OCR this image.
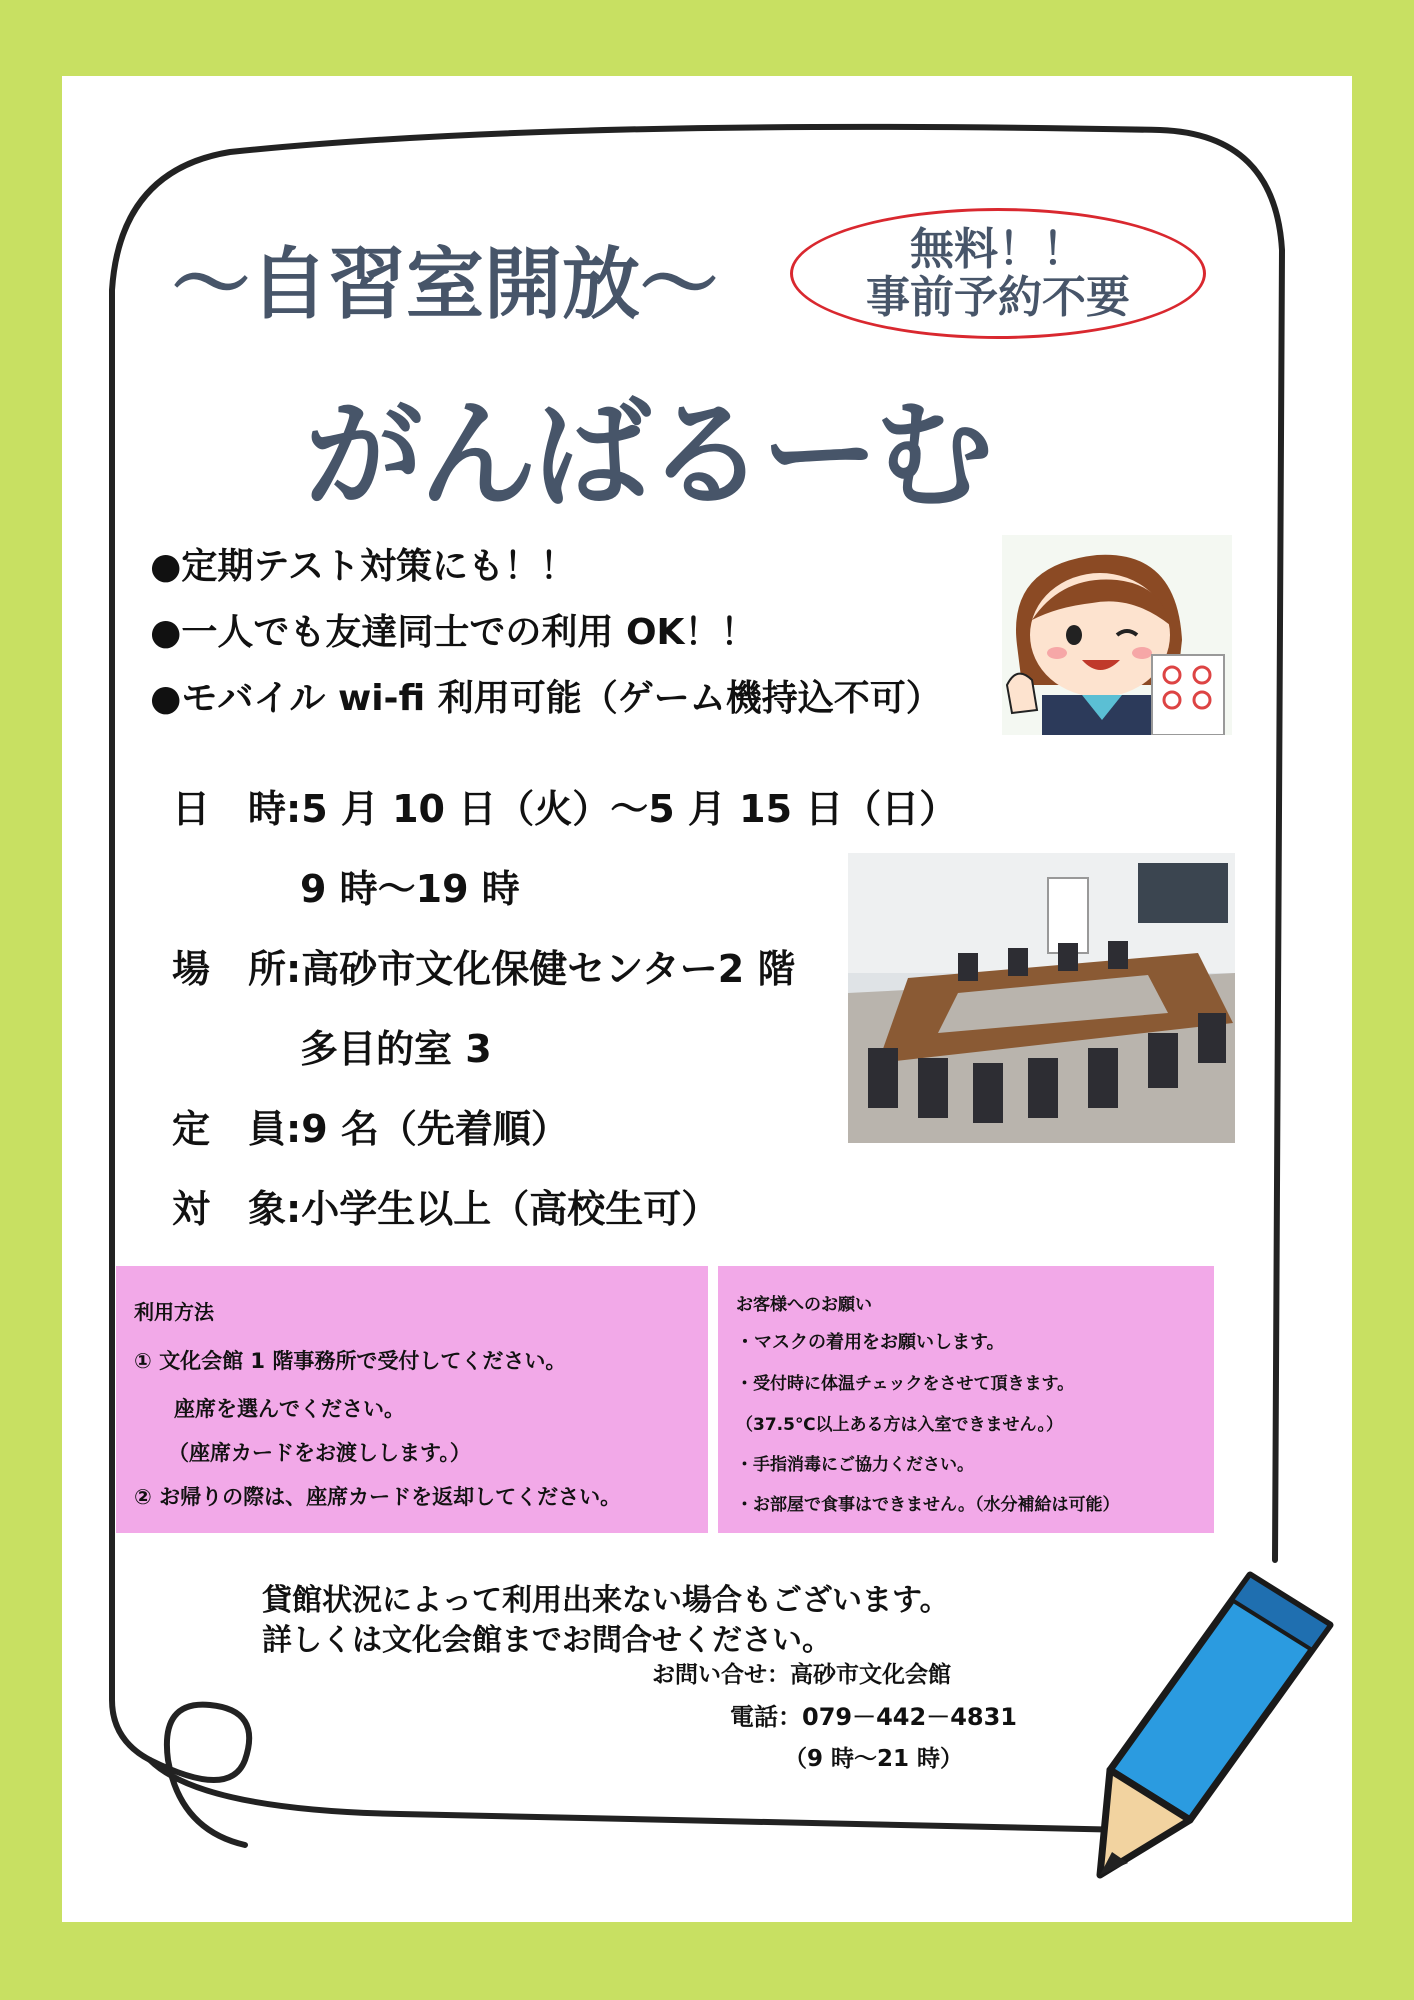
～自習室開放～	無料！！
事前予約不要
がんばるーむ
●定期テスト対策にも！！
●一人でも友達同士での利用 OK！！
●モバイル wi-fi 利用可能（ゲーム機持込不可）
日　時:5 月 10 日（火）～5 月 15 日（日）
9 時～19 時
場　所:高砂市文化保健センター2 階
多目的室 3
定　員:9 名（先着順）
対　象:小学生以上（高校生可）
利用方法
① 文化会館 1 階事務所で受付してください。
座席を選んでください。
（座席カードをお渡しします。）
② お帰りの際は、座席カードを返却してください。
お客様へのお願い
・マスクの着用をお願いします。
・受付時に体温チェックをさせて頂きます。
（37.5℃以上ある方は入室できません。）
・手指消毒にご協力ください。
・お部屋で食事はできません。（水分補給は可能）
貸館状況によって利用出来ない場合もございます。
詳しくは文化会館までお問合せください。
お問い合せ：高砂市文化会館
電話：079－442－4831
（9 時～21 時）
